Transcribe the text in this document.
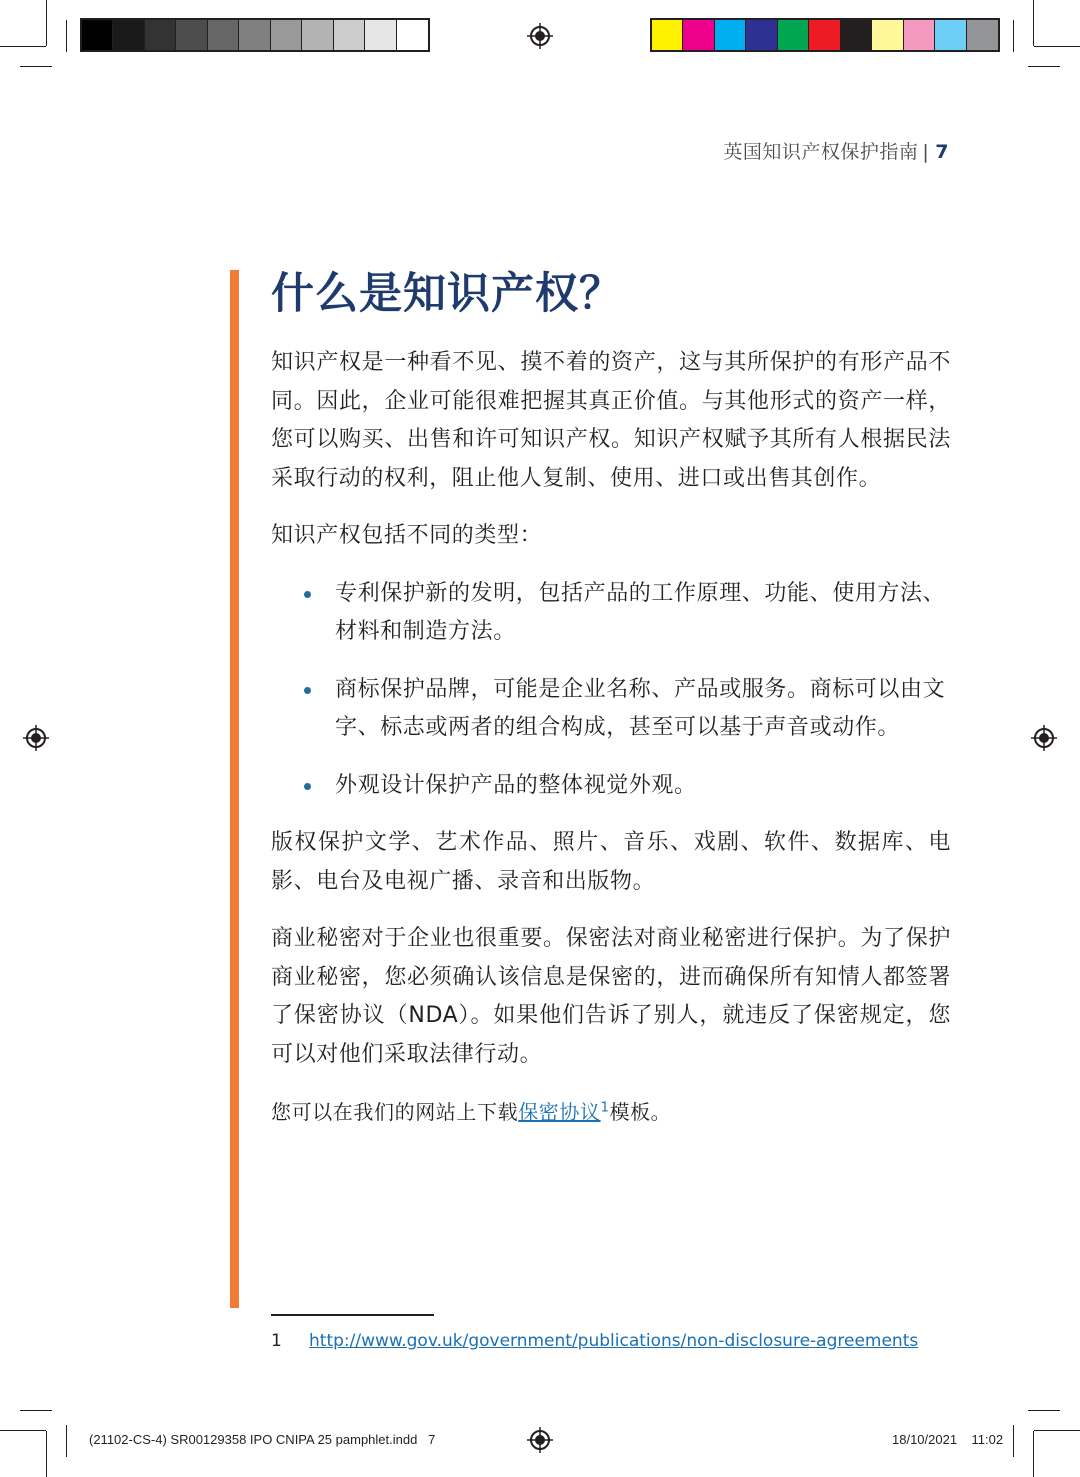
英国知识产权保护指南 | 7
什么是知识产权？

知识产权是一种看不见、摸不着的资产，这与其所保护的有形产品不同。因此，企业可能很难把握其真正价值。与其他形式的资产一样，您可以购买、出售和许可知识产权。知识产权赋予其所有人根据民法采取行动的权利，阻止他人复制、使用、进口或出售其创作。

知识产权包括不同的类型：

专利保护新的发明，包括产品的工作原理、功能、使用方法、材料和制造方法。
商标保护品牌，可能是企业名称、产品或服务。商标可以由文字、标志或两者的组合构成，甚至可以基于声音或动作。
外观设计保护产品的整体视觉外观。

版权保护文学、艺术作品、照片、音乐、戏剧、软件、数据库、电影、电台及电视广播、录音和出版物。

商业秘密对于企业也很重要。保密法对商业秘密进行保护。为了保护商业秘密，您必须确认该信息是保密的，进而确保所有知情人都签署了保密协议（NDA）。如果他们告诉了别人，就违反了保密规定，您可以对他们采取法律行动。

您可以在我们的网站上下载保密协议$^1$模板。

1 http://www.gov.uk/government/publications/non-disclosure-agreements
(21102-CS-4) SR00129358 IPO CNIPA 25 pamphlet.indd 7	18/10/2021 11:02
